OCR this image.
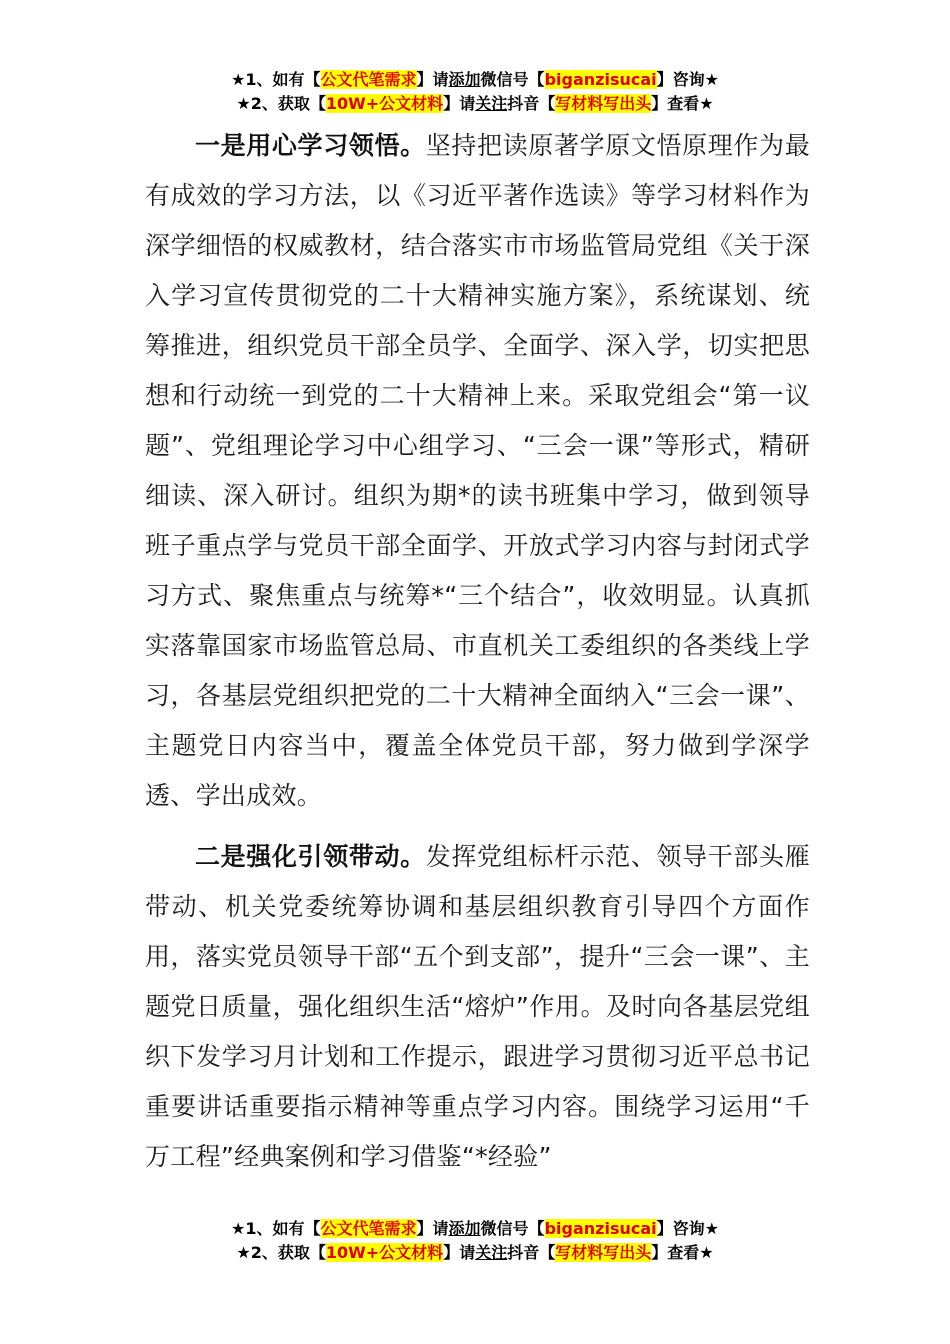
★1、如有【公文代笔需求】请添加微信号【biganzisucai】咨询★
★2、获取【10W+公文材料】请关注抖音【写材料写出头】查看★

一是用心学习领悟。坚持把读原著学原文悟原理作为最有成效的学习方法，以《习近平著作选读》等学习材料作为深学细悟的权威教材，结合落实市市场监管局党组《关于深入学习宣传贯彻党的二十大精神实施方案》，系统谋划、统筹推进，组织党员干部全员学、全面学、深入学，切实把思想和行动统一到党的二十大精神上来。采取党组会“第一议题”、党组理论学习中心组学习、“三会一课”等形式，精研细读、深入研讨。组织为期*的读书班集中学习，做到领导班子重点学与党员干部全面学、开放式学习内容与封闭式学习方式、聚焦重点与统筹*“三个结合”，收效明显。认真抓实落靠国家市场监管总局、市直机关工委组织的各类线上学习，各基层党组织把党的二十大精神全面纳入“三会一课”、主题党日内容当中，覆盖全体党员干部，努力做到学深学透、学出成效。

二是强化引领带动。发挥党组标杆示范、领导干部头雁带动、机关党委统筹协调和基层组织教育引导四个方面作用，落实党员领导干部“五个到支部”，提升“三会一课”、主题党日质量，强化组织生活“熔炉”作用。及时向各基层党组织下发学习月计划和工作提示，跟进学习贯彻习近平总书记重要讲话重要指示精神等重点学习内容。围绕学习运用“千万工程”经典案例和学习借鉴“*经验”

★1、如有【公文代笔需求】请添加微信号【biganzisucai】咨询★
★2、获取【10W+公文材料】请关注抖音【写材料写出头】查看★
